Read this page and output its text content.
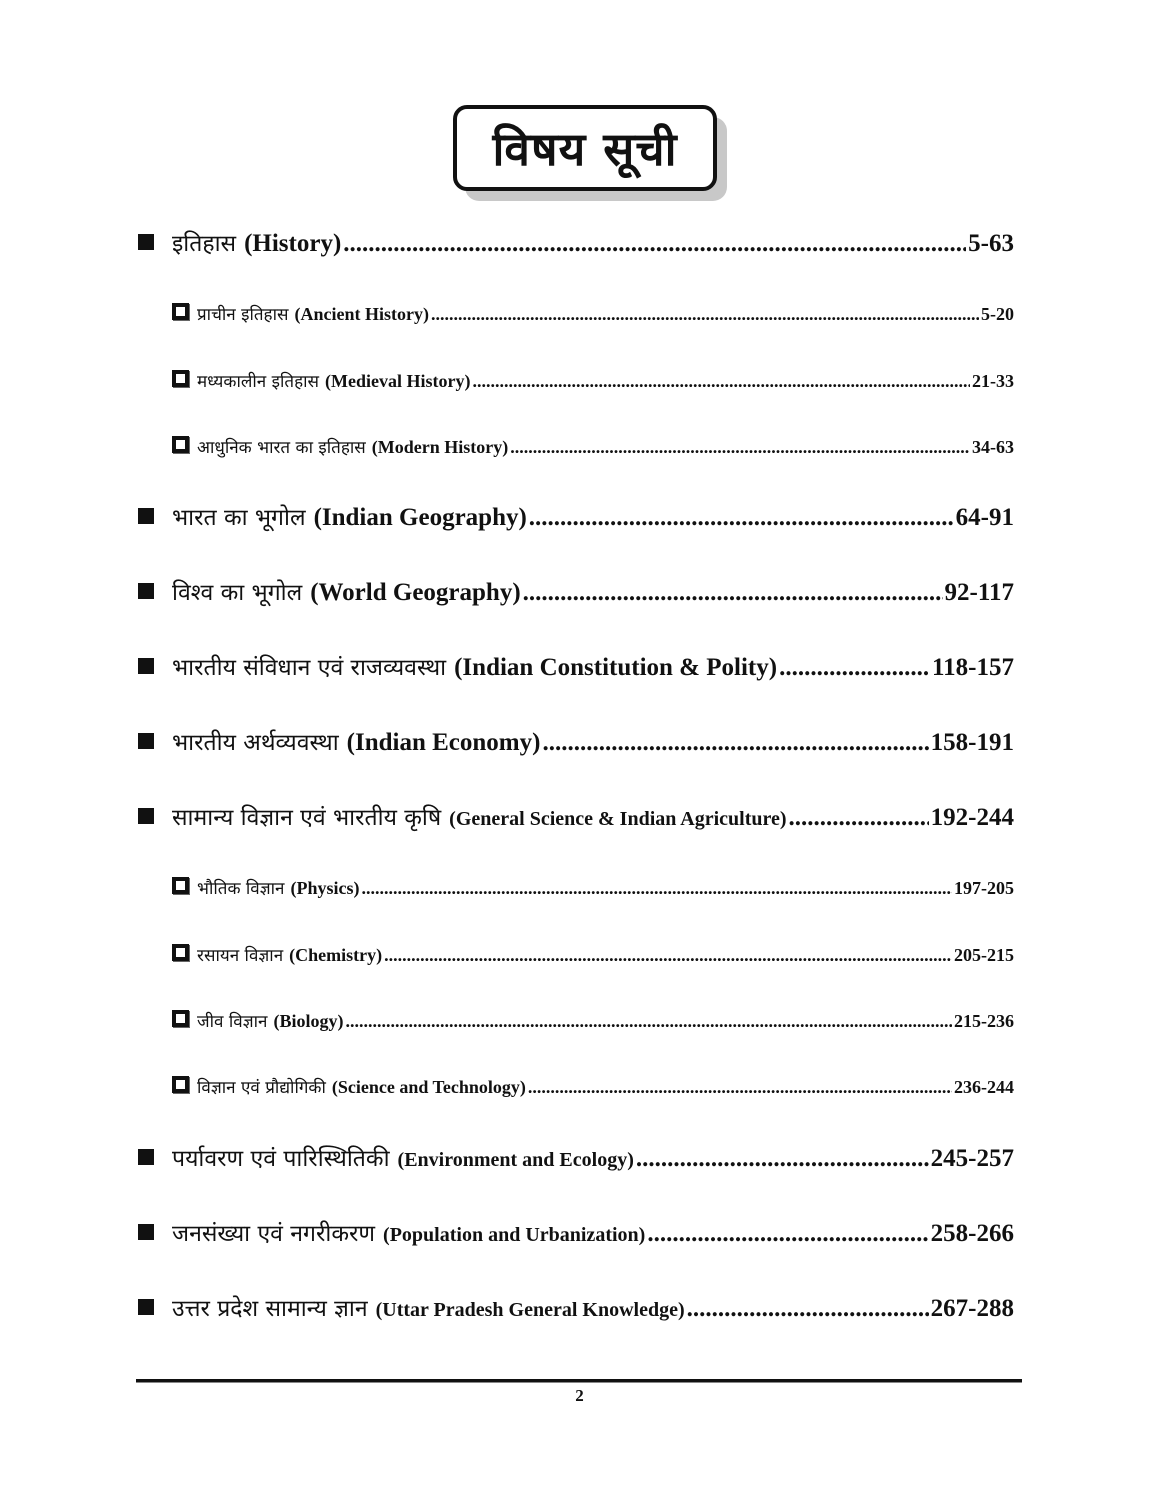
विषय सूची
इतिहास (History) .....	5-63
प्राचीन इतिहास (Ancient History) .....	5-20
मध्यकालीन इतिहास (Medieval History) .....	21-33
आधुनिक भारत का इतिहास (Modern History) .....	34-63
भारत का भूगोल (Indian Geography) .....	64-91
विश्व का भूगोल (World Geography) .....	92-117
भारतीय संविधान एवं राजव्यवस्था (Indian Constitution & Polity) .....	118-157
भारतीय अर्थव्यवस्था (Indian Economy) .....	158-191
सामान्य विज्ञान एवं भारतीय कृषि (General Science & Indian Agriculture) .....	192-244
भौतिक विज्ञान (Physics) .....	197-205
रसायन विज्ञान (Chemistry) .....	205-215
जीव विज्ञान (Biology) .....	215-236
विज्ञान एवं प्रौद्योगिकी (Science and Technology) .....	236-244
पर्यावरण एवं पारिस्थितिकी (Environment and Ecology) .....	245-257
जनसंख्या एवं नगरीकरण (Population and Urbanization) .....	258-266
उत्तर प्रदेश सामान्य ज्ञान (Uttar Pradesh General Knowledge) .....	267-288
2
